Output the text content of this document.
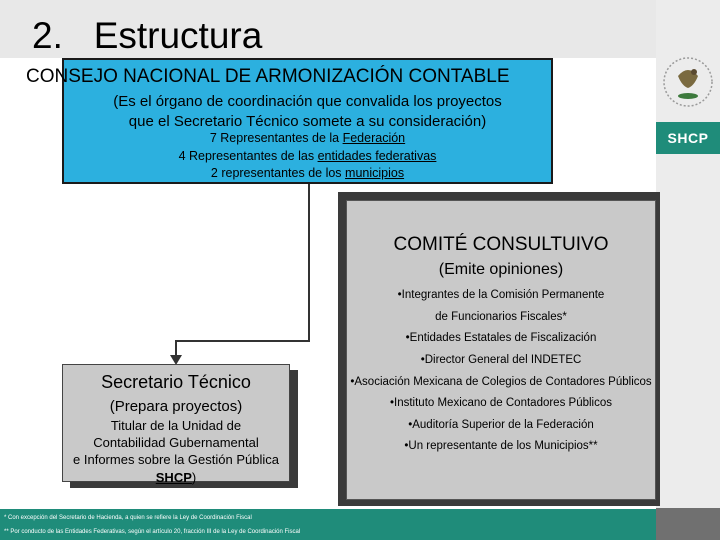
2. Estructura
SHCP
CONSEJO NACIONAL DE ARMONIZACIÓN CONTABLE
(Es el órgano de coordinación que convalida los proyectos
que el Secretario Técnico somete a su consideración)
7 Representantes de la Federación
4 Representantes de las entidades federativas
2 representantes de los municipios
COMITÉ CONSULTUIVO
(Emite opiniones)
•Integrantes de la Comisión Permanente
de Funcionarios Fiscales*
•Entidades Estatales de Fiscalización
•Director General del INDETEC
•Asociación Mexicana de Colegios de Contadores Públicos
•Instituto Mexicano de Contadores Públicos
•Auditoría Superior de la Federación
•Un representante de los Municipios**
Secretario Técnico
(Prepara proyectos)
Titular de la Unidad de
Contabilidad Gubernamental
e Informes sobre la Gestión Pública
SHCP)
* Con excepción del Secretario de Hacienda, a quien se refiere la Ley de Coordinación Fiscal
** Por conducto de las Entidades Federativas, según el artículo 20, fracción III de la Ley de Coordinación Fiscal
